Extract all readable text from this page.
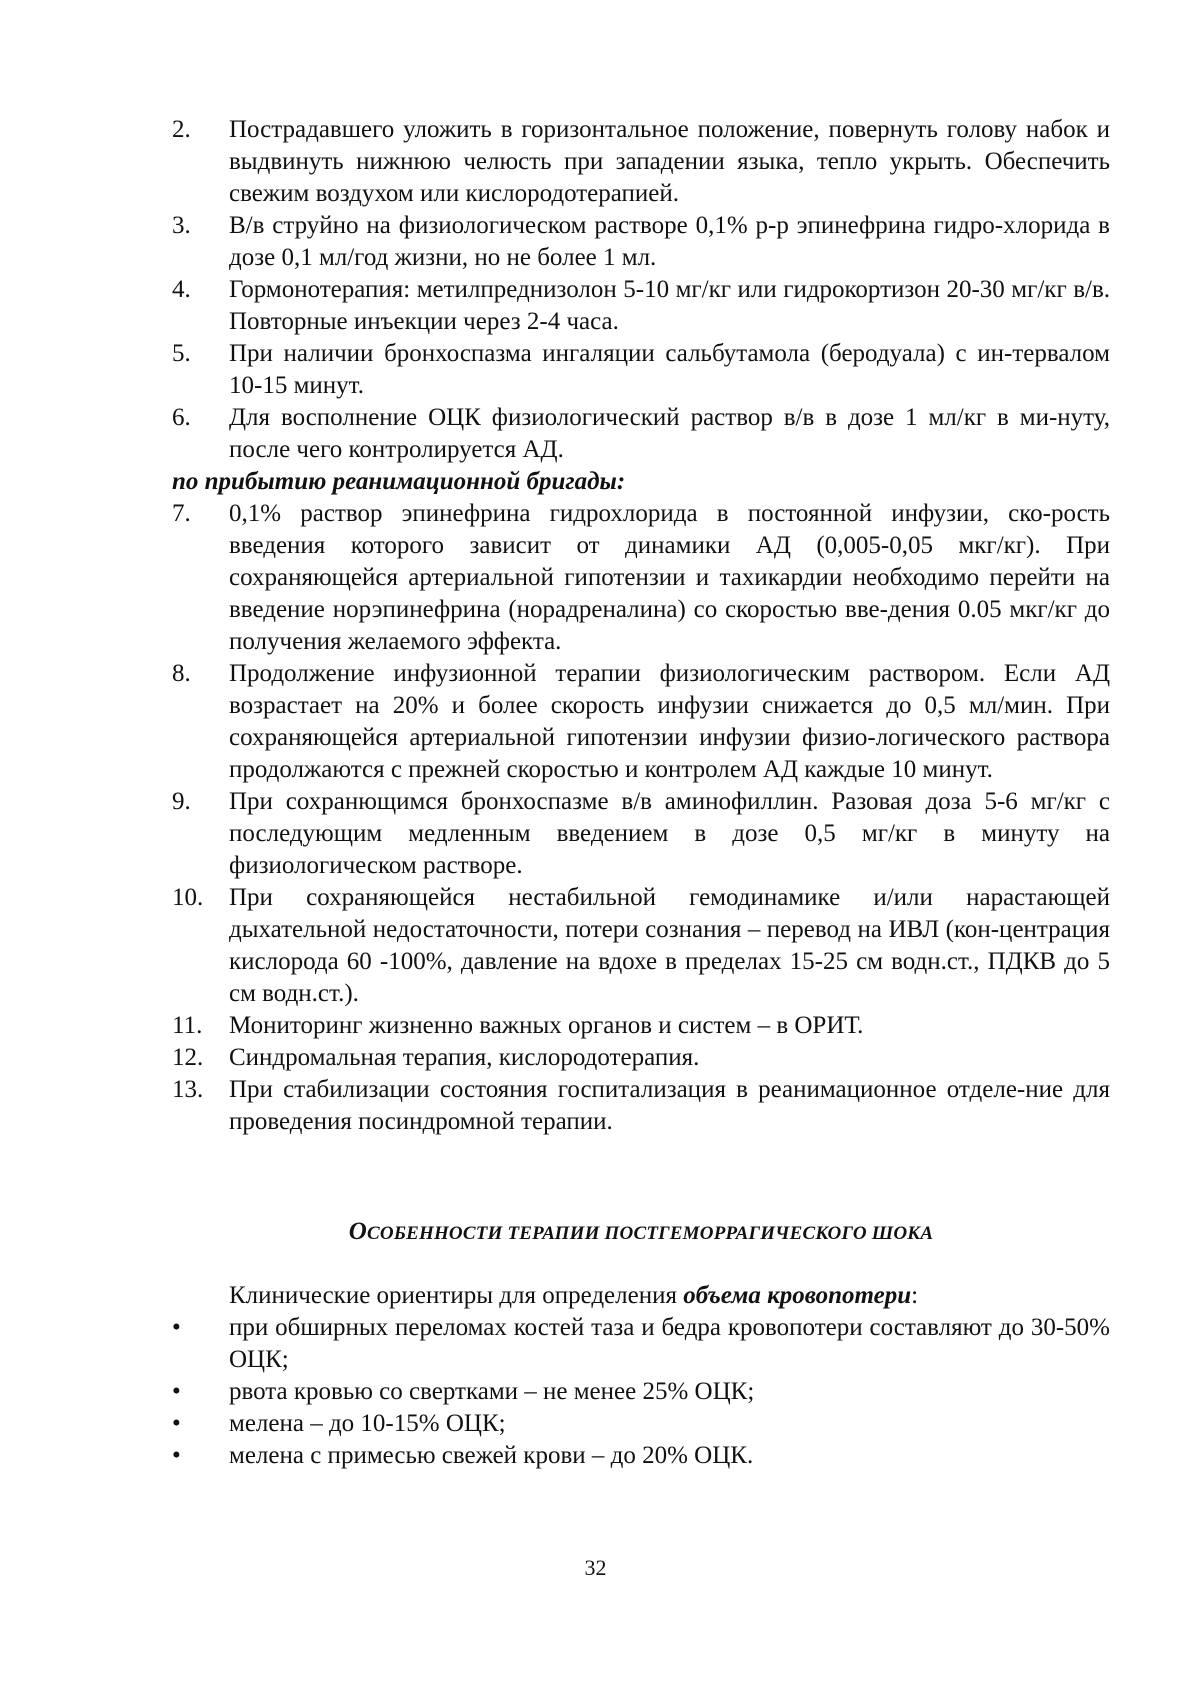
2. Пострадавшего уложить в горизонтальное положение, повернуть голову набок и выдвинуть нижнюю челюсть при западении языка, тепло укрыть. Обеспечить свежим воздухом или кислородотерапией.
3. В/в струйно на физиологическом растворе 0,1% р-р эпинефрина гидро-хлорида в дозе 0,1 мл/год жизни, но не более 1 мл.
4. Гормонотерапия: метилпреднизолон 5-10 мг/кг или гидрокортизон 20-30 мг/кг в/в. Повторные инъекции через 2-4 часа.
5. При наличии бронхоспазма ингаляции сальбутамола (беродуала) с ин-тервалом 10-15 минут.
6. Для восполнение ОЦК физиологический раствор в/в в дозе 1 мл/кг в ми-нуту, после чего контролируется АД.

по прибытию реанимационной бригады:

7. 0,1% раствор эпинефрина гидрохлорида в постоянной инфузии, ско-рость введения которого зависит от динамики АД (0,005-0,05 мкг/кг). При сохраняющейся артериальной гипотензии и тахикардии необходимо перейти на введение норэпинефрина (норадреналина) со скоростью вве-дения 0.05 мкг/кг до получения желаемого эффекта.
8. Продолжение инфузионной терапии физиологическим раствором. Если АД возрастает на 20% и более скорость инфузии снижается до 0,5 мл/мин. При сохраняющейся артериальной гипотензии инфузии физио-логического раствора продолжаются с прежней скоростью и контролем АД каждые 10 минут.
9. При сохранющимся бронхоспазме в/в аминофиллин. Разовая доза 5-6 мг/кг с последующим медленным введением в дозе 0,5 мг/кг в минуту на физиологическом растворе.
10. При сохраняющейся нестабильной гемодинамике и/или нарастающей дыхательной недостаточности, потери сознания – перевод на ИВЛ (кон-центрация кислорода 60 -100%, давление на вдохе в пределах 15-25 см водн.ст., ПДКВ до 5 см водн.ст.).
11. Мониторинг жизненно важных органов и систем – в ОРИТ.
12. Синдромальная терапия, кислородотерапия.
13. При стабилизации состояния госпитализация в реанимационное отделе-ние для проведения посиндромной терапии.

ОСОБЕННОСТИ ТЕРАПИИ ПОСТГЕМОРРАГИЧЕСКОГО ШОКА

Клинические ориентиры для определения объема кровопотери:
• при обширных переломах костей таза и бедра кровопотери составляют до 30-50% ОЦК;
• рвота кровью со свертками – не менее 25% ОЦК;
• мелена – до 10-15% ОЦК;
• мелена с примесью свежей крови – до 20% ОЦК.
32
